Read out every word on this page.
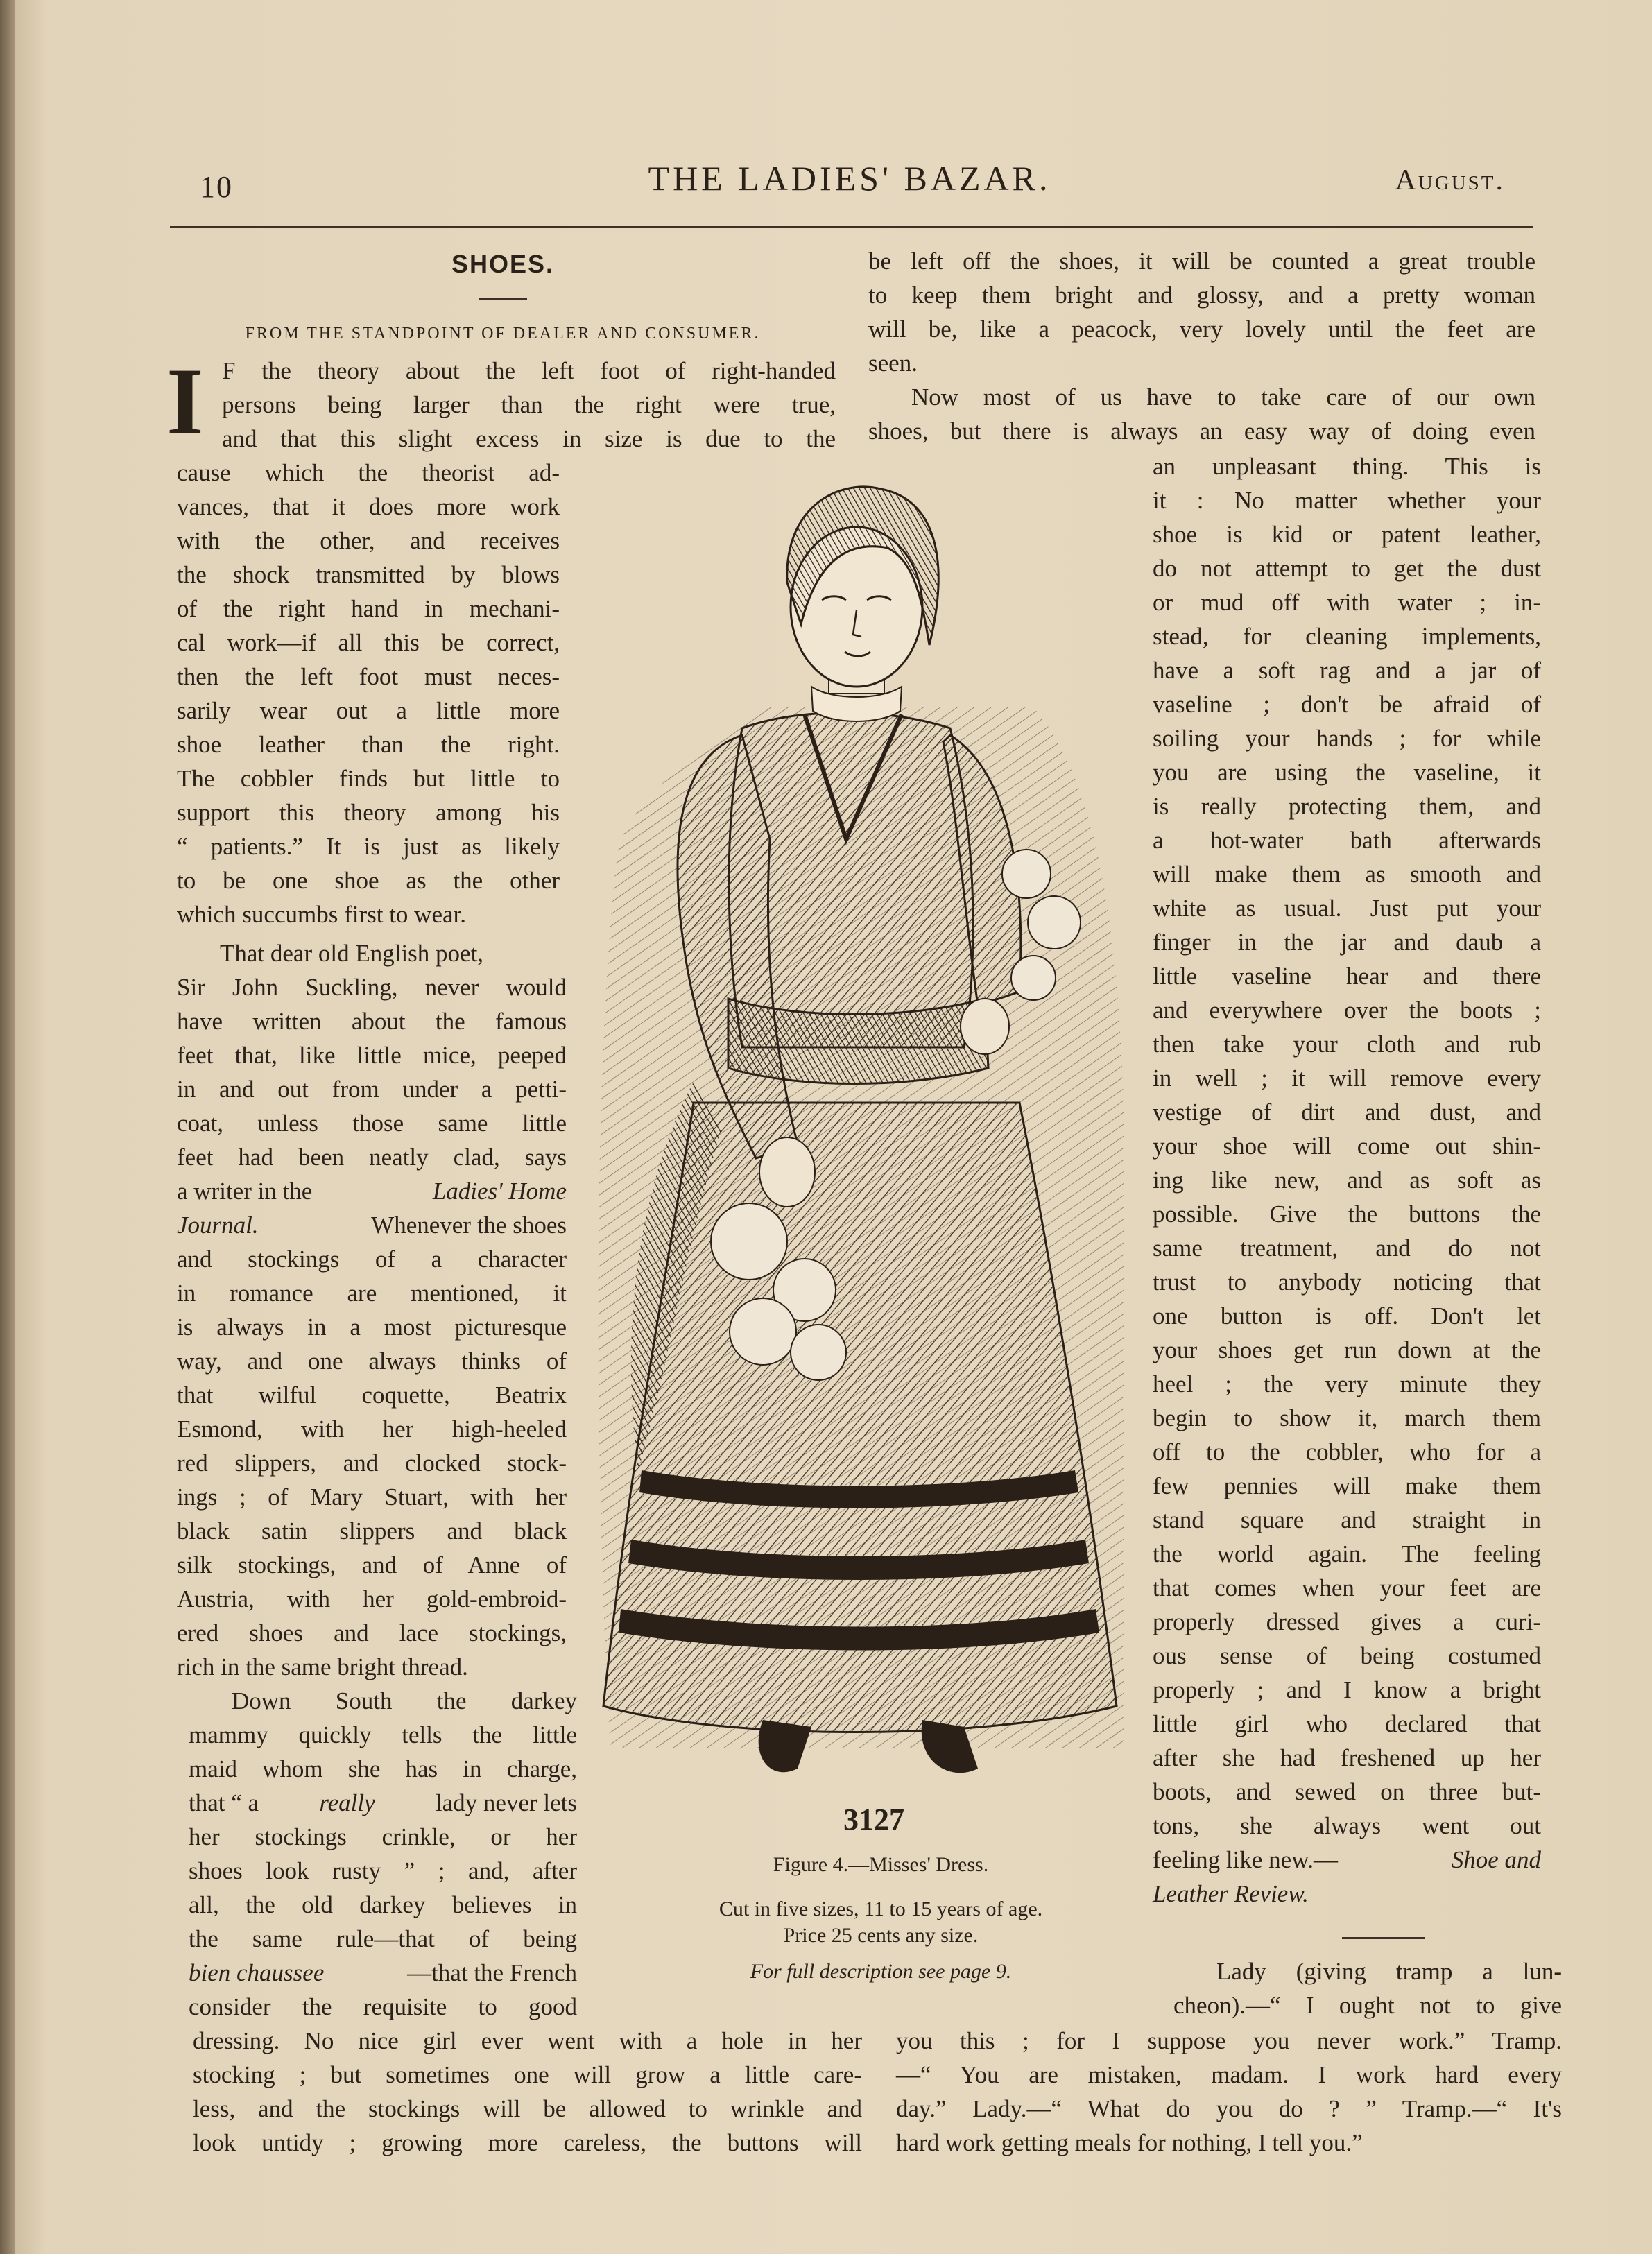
10	THE LADIES' BAZAR.	August.
SHOES.
FROM THE STANDPOINT OF DEALER AND CONSUMER.
I F the theory about the left foot of right-handed

persons being larger than the right were true,

and that this slight excess in size is due to the

cause which the theorist ad-

vances, that it does more work

with the other, and receives

the shock transmitted by blows

of the right hand in mechani-

cal work—if all this be correct,

then the left foot must neces-

sarily wear out a little more

shoe leather than the right.

The cobbler finds but little to

support this theory among his

“ patients.” It is just as likely

to be one shoe as the other

which succumbs first to wear.

That dear old English poet,

Sir John Suckling, never would

have written about the famous

feet that, like little mice, peeped

in and out from under a petti-

coat, unless those same little

feet had been neatly clad, says

a writer in the	Ladies' Home

Journal.	Whenever the shoes

and stockings of a character

in romance are mentioned, it

is always in a most picturesque

way, and one always thinks of

that wilful coquette, Beatrix

Esmond, with her high-heeled

red slippers, and clocked stock-

ings ; of Mary Stuart, with her

black satin slippers and black

silk stockings, and of Anne of

Austria, with her gold-embroid-

ered shoes and lace stockings,

rich in the same bright thread.

Down South the darkey

mammy quickly tells the little

maid whom she has in charge,

that “ a really lady never lets

her stockings crinkle, or her

shoes look rusty ” ; and, after

all, the old darkey believes in

the same rule—that of being

bien chaussee	—that the French

consider the requisite to good

dressing. No nice girl ever went with a hole in her

stocking ; but sometimes one will grow a little care-

less, and the stockings will be allowed to wrinkle and

look untidy ; growing more careless, the buttons will

be left off the shoes, it will be counted a great trouble

to keep them bright and glossy, and a pretty woman

will be, like a peacock, very lovely until the feet are

seen.

Now most of us have to take care of our own

shoes, but there is always an easy way of doing even

an unpleasant thing. This is

it : No matter whether your

shoe is kid or patent leather,

do not attempt to get the dust

or mud off with water ; in-

stead, for cleaning implements,

have a soft rag and a jar of

vaseline ; don't be afraid of

soiling your hands ; for while

you are using the vaseline, it

is really protecting them, and

a hot-water bath afterwards

will make them as smooth and

white as usual. Just put your

finger in the jar and daub a

little vaseline hear and there

and everywhere over the boots ;

then take your cloth and rub

in well ; it will remove every

vestige of dirt and dust, and

your shoe will come out shin-

ing like new, and as soft as

possible. Give the buttons the

same treatment, and do not

trust to anybody noticing that

one button is off. Don't let

your shoes get run down at the

heel ; the very minute they

begin to show it, march them

off to the cobbler, who for a

few pennies will make them

stand square and straight in

the world again. The feeling

that comes when your feet are

properly dressed gives a curi-

ous sense of being costumed

properly ; and I know a bright

little girl who declared that

after she had freshened up her

boots, and sewed on three but-

tons, she always went out

feeling like new.—	Shoe and

Leather Review.

Lady (giving tramp a lun-

cheon).—“ I ought not to give

you this ; for I suppose you never work.” Tramp.

—“ You are mistaken, madam. I work hard every

day.” Lady.—“ What do you do ? ” Tramp.—“ It's

hard work getting meals for nothing, I tell you.”

3127
Figure 4.—Misses' Dress.
Cut in five sizes, 11 to 15 years of age.
Price 25 cents any size.
For full description see page 9.
